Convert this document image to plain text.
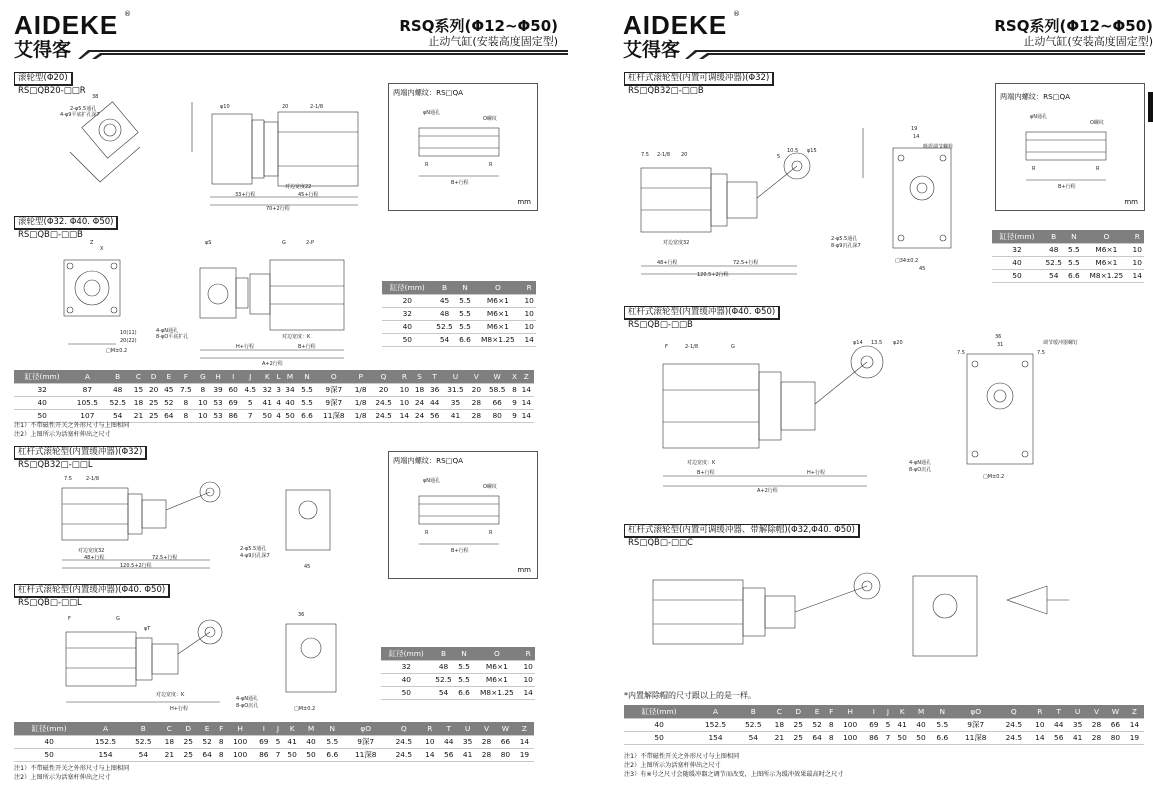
AIDEKE
艾得客
®
RSQ系列(Φ12~Φ50)
止动气缸(安装高度固定型)
滚轮型(Φ20)
RS□QB20-□□R
38
2-φ5.5通孔
4-φ9平底扩孔深7
φ10	20	2-1/8
对边宽度22
33+行程	45+行程
70+2行程
两端内螺纹：RS□QA
φN通孔
O螺纹
R	R
B+行程
mm
滚轮型(Φ32. Φ40. Φ50)
RS□QB□-□□B
Z
X
G	2-P
φS
4-φN通孔
8-φO平底扩孔
10(11)
20(22)
□M±0.2
对边宽度：K
H+行程	B+行程
A+2行程
缸径(mm)	B	N	O	R
20	45	5.5	M6×1	10
32	48	5.5	M6×1	10
40	52.5	5.5	M6×1	10
50	54	6.6	M8×1.25	14
缸径(mm)	A	B	C	D	E	F	G	H	I	J	K	L	M	N	O	P	Q	R	S	T	U	V	W	X	Z
32	87	48	15	20	45	7.5	8	39	60	4.5	32	3	34	5.5	9深7	1/8	20	10	18	36	31.5	20	58.5	8	14
40	105.5	52.5	18	25	52	8	10	53	69	5	41	4	40	5.5	9深7	1/8	24.5	10	24	44	35	28	66	9	14
50	107	54	21	25	64	8	10	53	86	7	50	4	50	6.6	11深8	1/8	24.5	14	24	56	41	28	80	9	14
注1）不带磁性开关之外形尺寸与上图相同
注2）上图所示为活塞杆伸出之尺寸
杠杆式滚轮型(内置缓冲器)(Φ32)
RS□QB32□-□□L
7.5	2-1/8
对边宽度32
48+行程	72.5+行程
120.5+2行程
2-φ5.5通孔
4-φ9沉孔深7
45
两端内螺纹：RS□QA
φN通孔
O螺纹
R	R
B+行程
mm
杠杆式滚轮型(内置缓冲器)(Φ40. Φ50)
RS□QB□-□□L
F	G
φT
对边宽度：K
H+行程
4-φN通孔
8-φO沉孔	□M±0.2
36
缸径(mm)	B	N	O	R
32	48	5.5	M6×1	10
40	52.5	5.5	M6×1	10
50	54	6.6	M8×1.25	14
缸径(mm)	A	B	C	D	E	F	H	I	J	K	M	N	φO	Q	R	T	U	V	W	Z
40	152.5	52.5	18	25	52	8	100	69	5	41	40	5.5	9深7	24.5	10	44	35	28	66	14
50	154	54	21	25	64	8	100	86	7	50	50	6.6	11深8	24.5	14	56	41	28	80	19
注1）不带磁性开关之外形尺寸与上图相同
注2）上图所示为活塞杆伸出之尺寸
AIDEKE
艾得客
®
RSQ系列(Φ12~Φ50)
止动气缸(安装高度固定型)
杠杆式滚轮型(内置可调缓冲器)(Φ32)
RS□QB32□-□□B
7.5 2-1/8 20	5
10.5 φ15
19
14
吸震调节螺栓
对边宽度32
48+行程	72.5+行程
120.5+2行程
2-φ5.5通孔
8-φ9沉孔深7
□34±0.2
45
两端内螺纹：RS□QA
φN通孔
O螺纹
R	R
B+行程
mm
缸径(mm)	B	N	O	R
32	48	5.5	M6×1	10
40	52.5	5.5	M6×1	10
50	54	6.6	M8×1.25	14
杠杆式滚轮型(内置缓冲器)(Φ40. Φ50)
RS□QB□-□□B
F	2-1/8	G
φ14 13.5 φ20
36
31
7.5	7.5
调节缓冲器螺钉
对边宽度：K
B+行程	H+行程
A+2行程
4-φN通孔
8-φO沉孔
□M±0.2
杠杆式滚轮型(内置可调缓冲器、带解除帽)(Φ32,Φ40. Φ50)
RS□QB□-□□C
*内置解除帽的尺寸跟以上的是一样。
缸径(mm)	A	B	C	D	E	F	H	I	J	K	M	N	φO	Q	R	T	U	V	W	Z
40	152.5	52.5	18	25	52	8	100	69	5	41	40	5.5	9深7	24.5	10	44	35	28	66	14
50	154	54	21	25	64	8	100	86	7	50	50	6.6	11深8	24.5	14	56	41	28	80	19
注1）不带磁性开关之外形尺寸与上图相同
注2）上图所示为活塞杆伸出之尺寸
注3）有※号之尺寸会随缓冲器之调节而改变，上图所示为缓冲效果最高时之尺寸
